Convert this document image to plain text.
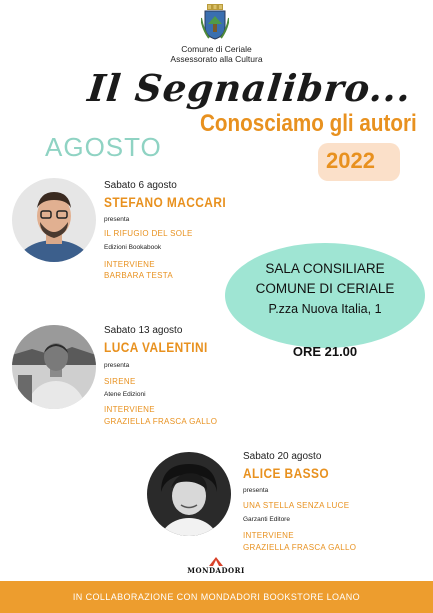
Comune di Ceriale
Assessorato alla Cultura
Il Segnalibro...
Conosciamo gli autori
AGOSTO	2022
Sabato 6 agosto
STEFANO MACCARI
presenta
IL RIFUGIO DEL SOLE
Edizioni Bookabook
INTERVIENE
BARBARA TESTA	SALA CONSILIARE
COMUNE DI CERIALE
P.zza Nuova Italia, 1
ORE 21.00
Sabato 13 agosto
LUCA VALENTINI
presenta
SIRENE
Atene Edizioni
INTERVIENE
GRAZIELLA FRASCA GALLO
Sabato 20 agosto
ALICE BASSO
presenta
UNA STELLA SENZA LUCE
Garzanti Editore
INTERVIENE
GRAZIELLA FRASCA GALLO
MONDADORI
IN COLLABORAZIONE CON MONDADORI BOOKSTORE LOANO
